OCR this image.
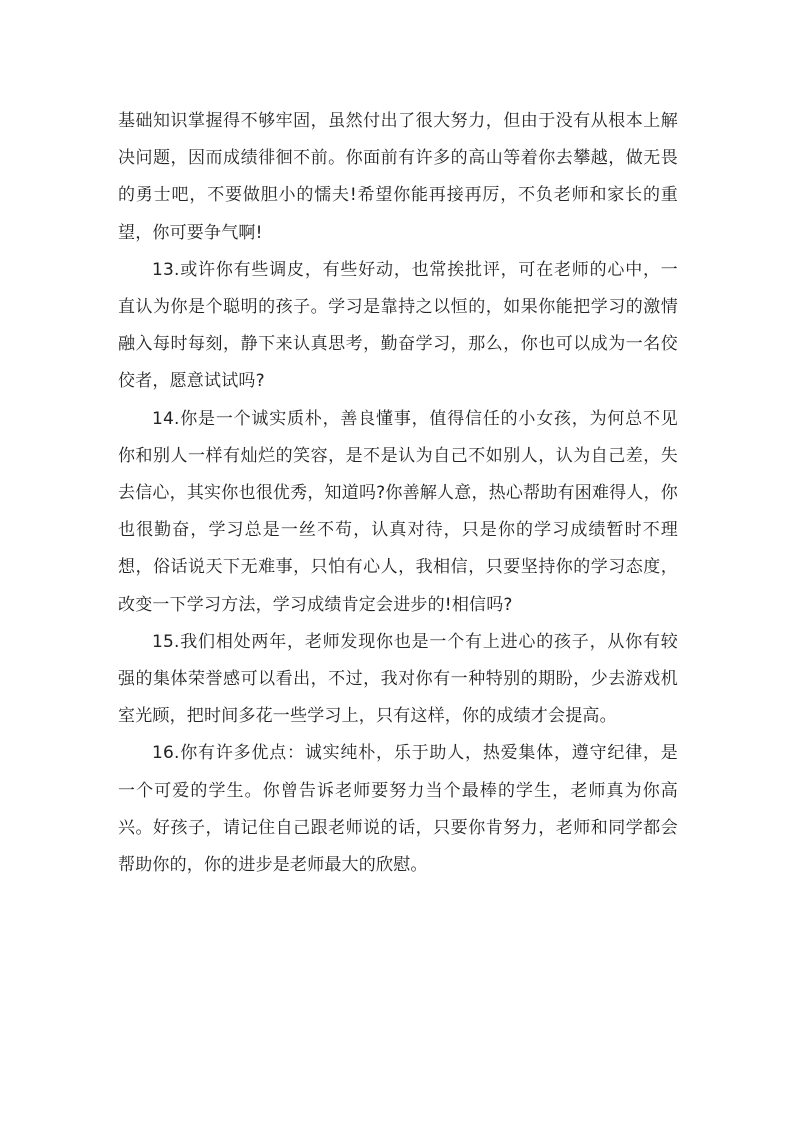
基础知识掌握得不够牢固，虽然付出了很大努力，但由于没有从根本上解决问题，因而成绩徘徊不前。你面前有许多的高山等着你去攀越，做无畏的勇士吧，不要做胆小的懦夫!希望你能再接再厉，不负老师和家长的重望，你可要争气啊!

13.或许你有些调皮，有些好动，也常挨批评，可在老师的心中，一直认为你是个聪明的孩子。学习是靠持之以恒的，如果你能把学习的激情融入每时每刻，静下来认真思考，勤奋学习，那么，你也可以成为一名佼佼者，愿意试试吗?

14.你是一个诚实质朴，善良懂事，值得信任的小女孩，为何总不见你和别人一样有灿烂的笑容，是不是认为自己不如别人，认为自己差，失去信心，其实你也很优秀，知道吗?你善解人意，热心帮助有困难得人，你也很勤奋，学习总是一丝不苟，认真对待，只是你的学习成绩暂时不理想，俗话说天下无难事，只怕有心人，我相信，只要坚持你的学习态度，改变一下学习方法，学习成绩肯定会进步的!相信吗?

15.我们相处两年，老师发现你也是一个有上进心的孩子，从你有较强的集体荣誉感可以看出，不过，我对你有一种特别的期盼，少去游戏机室光顾，把时间多花一些学习上，只有这样，你的成绩才会提高。

16.你有许多优点：诚实纯朴，乐于助人，热爱集体，遵守纪律，是一个可爱的学生。你曾告诉老师要努力当个最棒的学生，老师真为你高兴。好孩子，请记住自己跟老师说的话，只要你肯努力，老师和同学都会帮助你的，你的进步是老师最大的欣慰。
